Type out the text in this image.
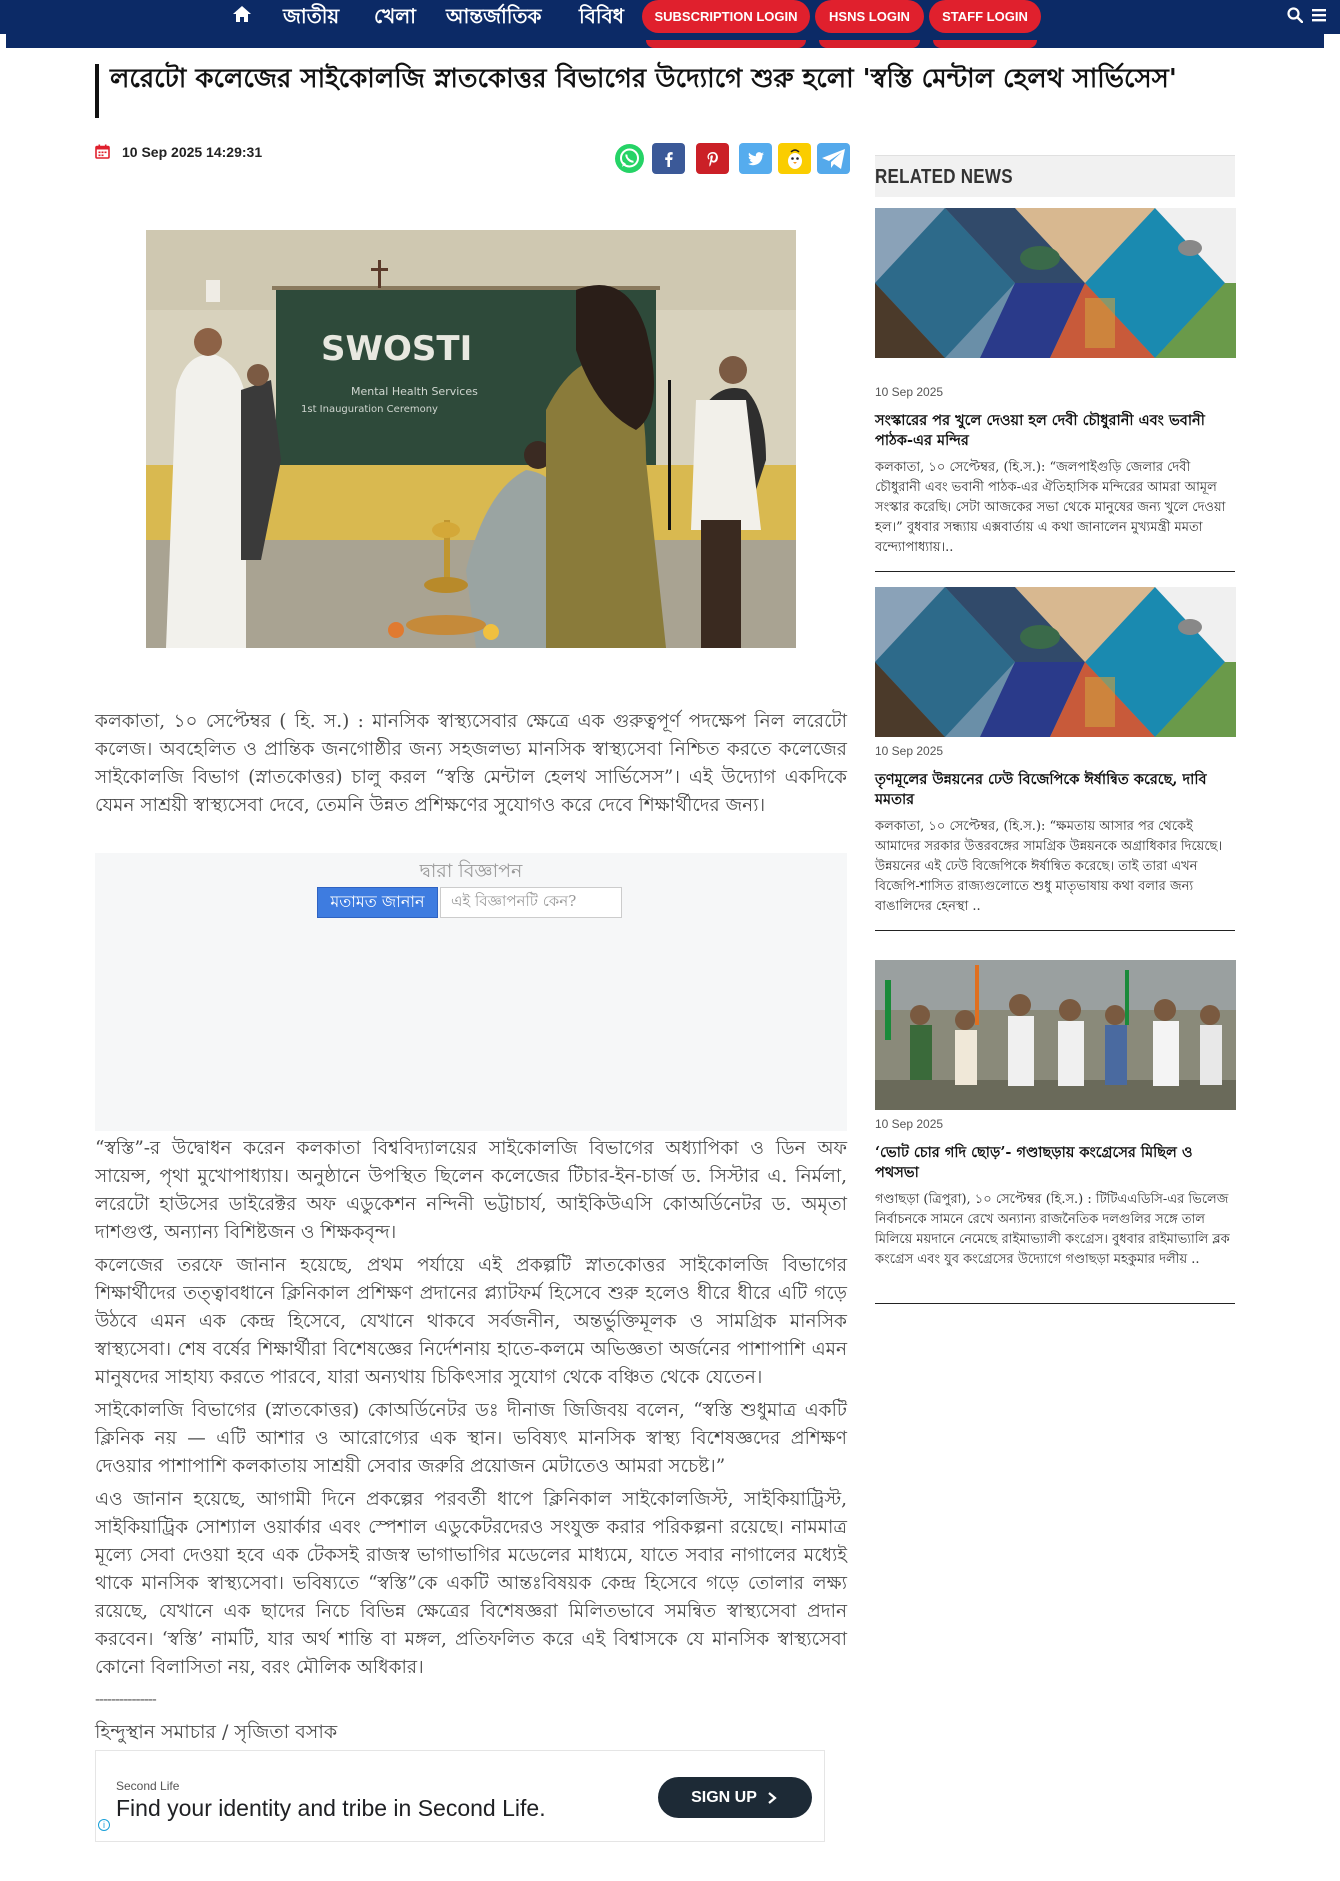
জাতীয় খেলা আন্তর্জাতিক বিবিধ	SUBSCRIPTION LOGIN	HSNS LOGIN	STAFF LOGIN
লরেটো কলেজের সাইকোলজি স্নাতকোত্তর বিভাগের উদ্যোগে শুরু হলো 'স্বস্তি মেন্টাল হেলথ সার্ভিসেস'
10 Sep 2025 14:29:31
SWOSTI
Mental Health Services
1st Inauguration Ceremony

কলকাতা, ১০ সেপ্টেম্বর ( হি. স.) : মানসিক স্বাস্থ্যসেবার ক্ষেত্রে এক গুরুত্বপূর্ণ পদক্ষেপ নিল লরেটো কলেজ। অবহেলিত ও প্রান্তিক জনগোষ্ঠীর জন্য সহজলভ্য মানসিক স্বাস্থ্যসেবা নিশ্চিত করতে কলেজের সাইকোলজি বিভাগ (স্নাতকোত্তর) চালু করল “স্বস্তি মেন্টাল হেলথ সার্ভিসেস”। এই উদ্যোগ একদিকে যেমন সাশ্রয়ী স্বাস্থ্যসেবা দেবে, তেমনি উন্নত প্রশিক্ষণের সুযোগও করে দেবে শিক্ষার্থীদের জন্য।

দ্বারা বিজ্ঞাপন
মতামত জানান	এই বিজ্ঞাপনটি কেন?

“স্বস্তি”-র উদ্বোধন করেন কলকাতা বিশ্ববিদ্যালয়ের সাইকোলজি বিভাগের অধ্যাপিকা ও ডিন অফ সায়েন্স, পৃথা মুখোপাধ্যায়। অনুষ্ঠানে উপস্থিত ছিলেন কলেজের টিচার-ইন-চার্জ ড. সিস্টার এ. নির্মলা, লরেটো হাউসের ডাইরেক্টর অফ এডুকেশন নন্দিনী ভট্টাচার্য, আইকিউএসি কোঅর্ডিনেটর ড. অমৃতা দাশগুপ্ত, অন্যান্য বিশিষ্টজন ও শিক্ষকবৃন্দ।

কলেজের তরফে জানান হয়েছে, প্রথম পর্যায়ে এই প্রকল্পটি স্নাতকোত্তর সাইকোলজি বিভাগের শিক্ষার্থীদের তত্ত্বাবধানে ক্লিনিকাল প্রশিক্ষণ প্রদানের প্ল্যাটফর্ম হিসেবে শুরু হলেও ধীরে ধীরে এটি গড়ে উঠবে এমন এক কেন্দ্র হিসেবে, যেখানে থাকবে সর্বজনীন, অন্তর্ভুক্তিমূলক ও সামগ্রিক মানসিক স্বাস্থ্যসেবা। শেষ বর্ষের শিক্ষার্থীরা বিশেষজ্ঞের নির্দেশনায় হাতে-কলমে অভিজ্ঞতা অর্জনের পাশাপাশি এমন মানুষদের সাহায্য করতে পারবে, যারা অন্যথায় চিকিৎসার সুযোগ থেকে বঞ্চিত থেকে যেতেন।

সাইকোলজি বিভাগের (স্নাতকোত্তর) কোঅর্ডিনেটর ডঃ দীনাজ জিজিবয় বলেন, “স্বস্তি শুধুমাত্র একটি ক্লিনিক নয় — এটি আশার ও আরোগ্যের এক স্থান। ভবিষ্যৎ মানসিক স্বাস্থ্য বিশেষজ্ঞদের প্রশিক্ষণ দেওয়ার পাশাপাশি কলকাতায় সাশ্রয়ী সেবার জরুরি প্রয়োজন মেটাতেও আমরা সচেষ্ট।”

এও জানান হয়েছে, আগামী দিনে প্রকল্পের পরবর্তী ধাপে ক্লিনিকাল সাইকোলজিস্ট, সাইকিয়াট্রিস্ট, সাইকিয়াট্রিক সোশ্যাল ওয়ার্কার এবং স্পেশাল এডুকেটরদেরও সংযুক্ত করার পরিকল্পনা রয়েছে। নামমাত্র মূল্যে সেবা দেওয়া হবে এক টেকসই রাজস্ব ভাগাভাগির মডেলের মাধ্যমে, যাতে সবার নাগালের মধ্যেই থাকে মানসিক স্বাস্থ্যসেবা। ভবিষ্যতে “স্বস্তি”কে একটি আন্তঃবিষয়ক কেন্দ্র হিসেবে গড়ে তোলার লক্ষ্য রয়েছে, যেখানে এক ছাদের নিচে বিভিন্ন ক্ষেত্রের বিশেষজ্ঞরা মিলিতভাবে সমন্বিত স্বাস্থ্যসেবা প্রদান করবেন। ‘স্বস্তি’ নামটি, যার অর্থ শান্তি বা মঙ্গল, প্রতিফলিত করে এই বিশ্বাসকে যে মানসিক স্বাস্থ্যসেবা কোনো বিলাসিতা নয়, বরং মৌলিক অধিকার।

---------------
হিন্দুস্থান সমাচার / সৃজিতা বসাক
Second Life
Find your identity and tribe in Second Life.	SIGN UP
i
RELATED NEWS
10 Sep 2025
সংস্কারের পর খুলে দেওয়া হল দেবী চৌধুরানী এবং ভবানী পাঠক-এর মন্দির
কলকাতা, ১০ সেপ্টেম্বর, (হি.স.): “জলপাইগুড়ি জেলার দেবী চৌধুরানী এবং ভবানী পাঠক-এর ঐতিহাসিক মন্দিরের আমরা আমূল সংস্কার করেছি। সেটা আজকের সভা থেকে মানুষের জন্য খুলে দেওয়া হল।” বুধবার সন্ধ্যায় এক্সবার্তায় এ কথা জানালেন মুখ্যমন্ত্রী মমতা বন্দ্যোপাধ্যায়।..
10 Sep 2025
তৃণমূলের উন্নয়নের ঢেউ বিজেপিকে ঈর্ষান্বিত করেছে, দাবি মমতার
কলকাতা, ১০ সেপ্টেম্বর, (হি.স.): “ক্ষমতায় আসার পর থেকেই আমাদের সরকার উত্তরবঙ্গের সামগ্রিক উন্নয়নকে অগ্রাধিকার দিয়েছে। উন্নয়নের এই ঢেউ বিজেপিকে ঈর্ষান্বিত করেছে। তাই তারা এখন বিজেপি-শাসিত রাজ্যগুলোতে শুধু মাতৃভাষায় কথা বলার জন্য বাঙালিদের হেনস্থা ..
10 Sep 2025
‘ভোট চোর গদি ছোড়’- গণ্ডাছড়ায় কংগ্রেসের মিছিল ও পথসভা
গণ্ডাছড়া (ত্রিপুরা), ১০ সেপ্টেম্বর (হি.স.) : টিটিএএডিসি-এর ভিলেজ নির্বাচনকে সামনে রেখে অন্যান্য রাজনৈতিক দলগুলির সঙ্গে তাল মিলিয়ে ময়দানে নেমেছে রাইমাভ্যালী কংগ্রেস। বুধবার রাইমাভ্যালি ব্লক কংগ্রেস এবং যুব কংগ্রেসের উদ্যোগে গণ্ডাছড়া মহকুমার দলীয় ..
